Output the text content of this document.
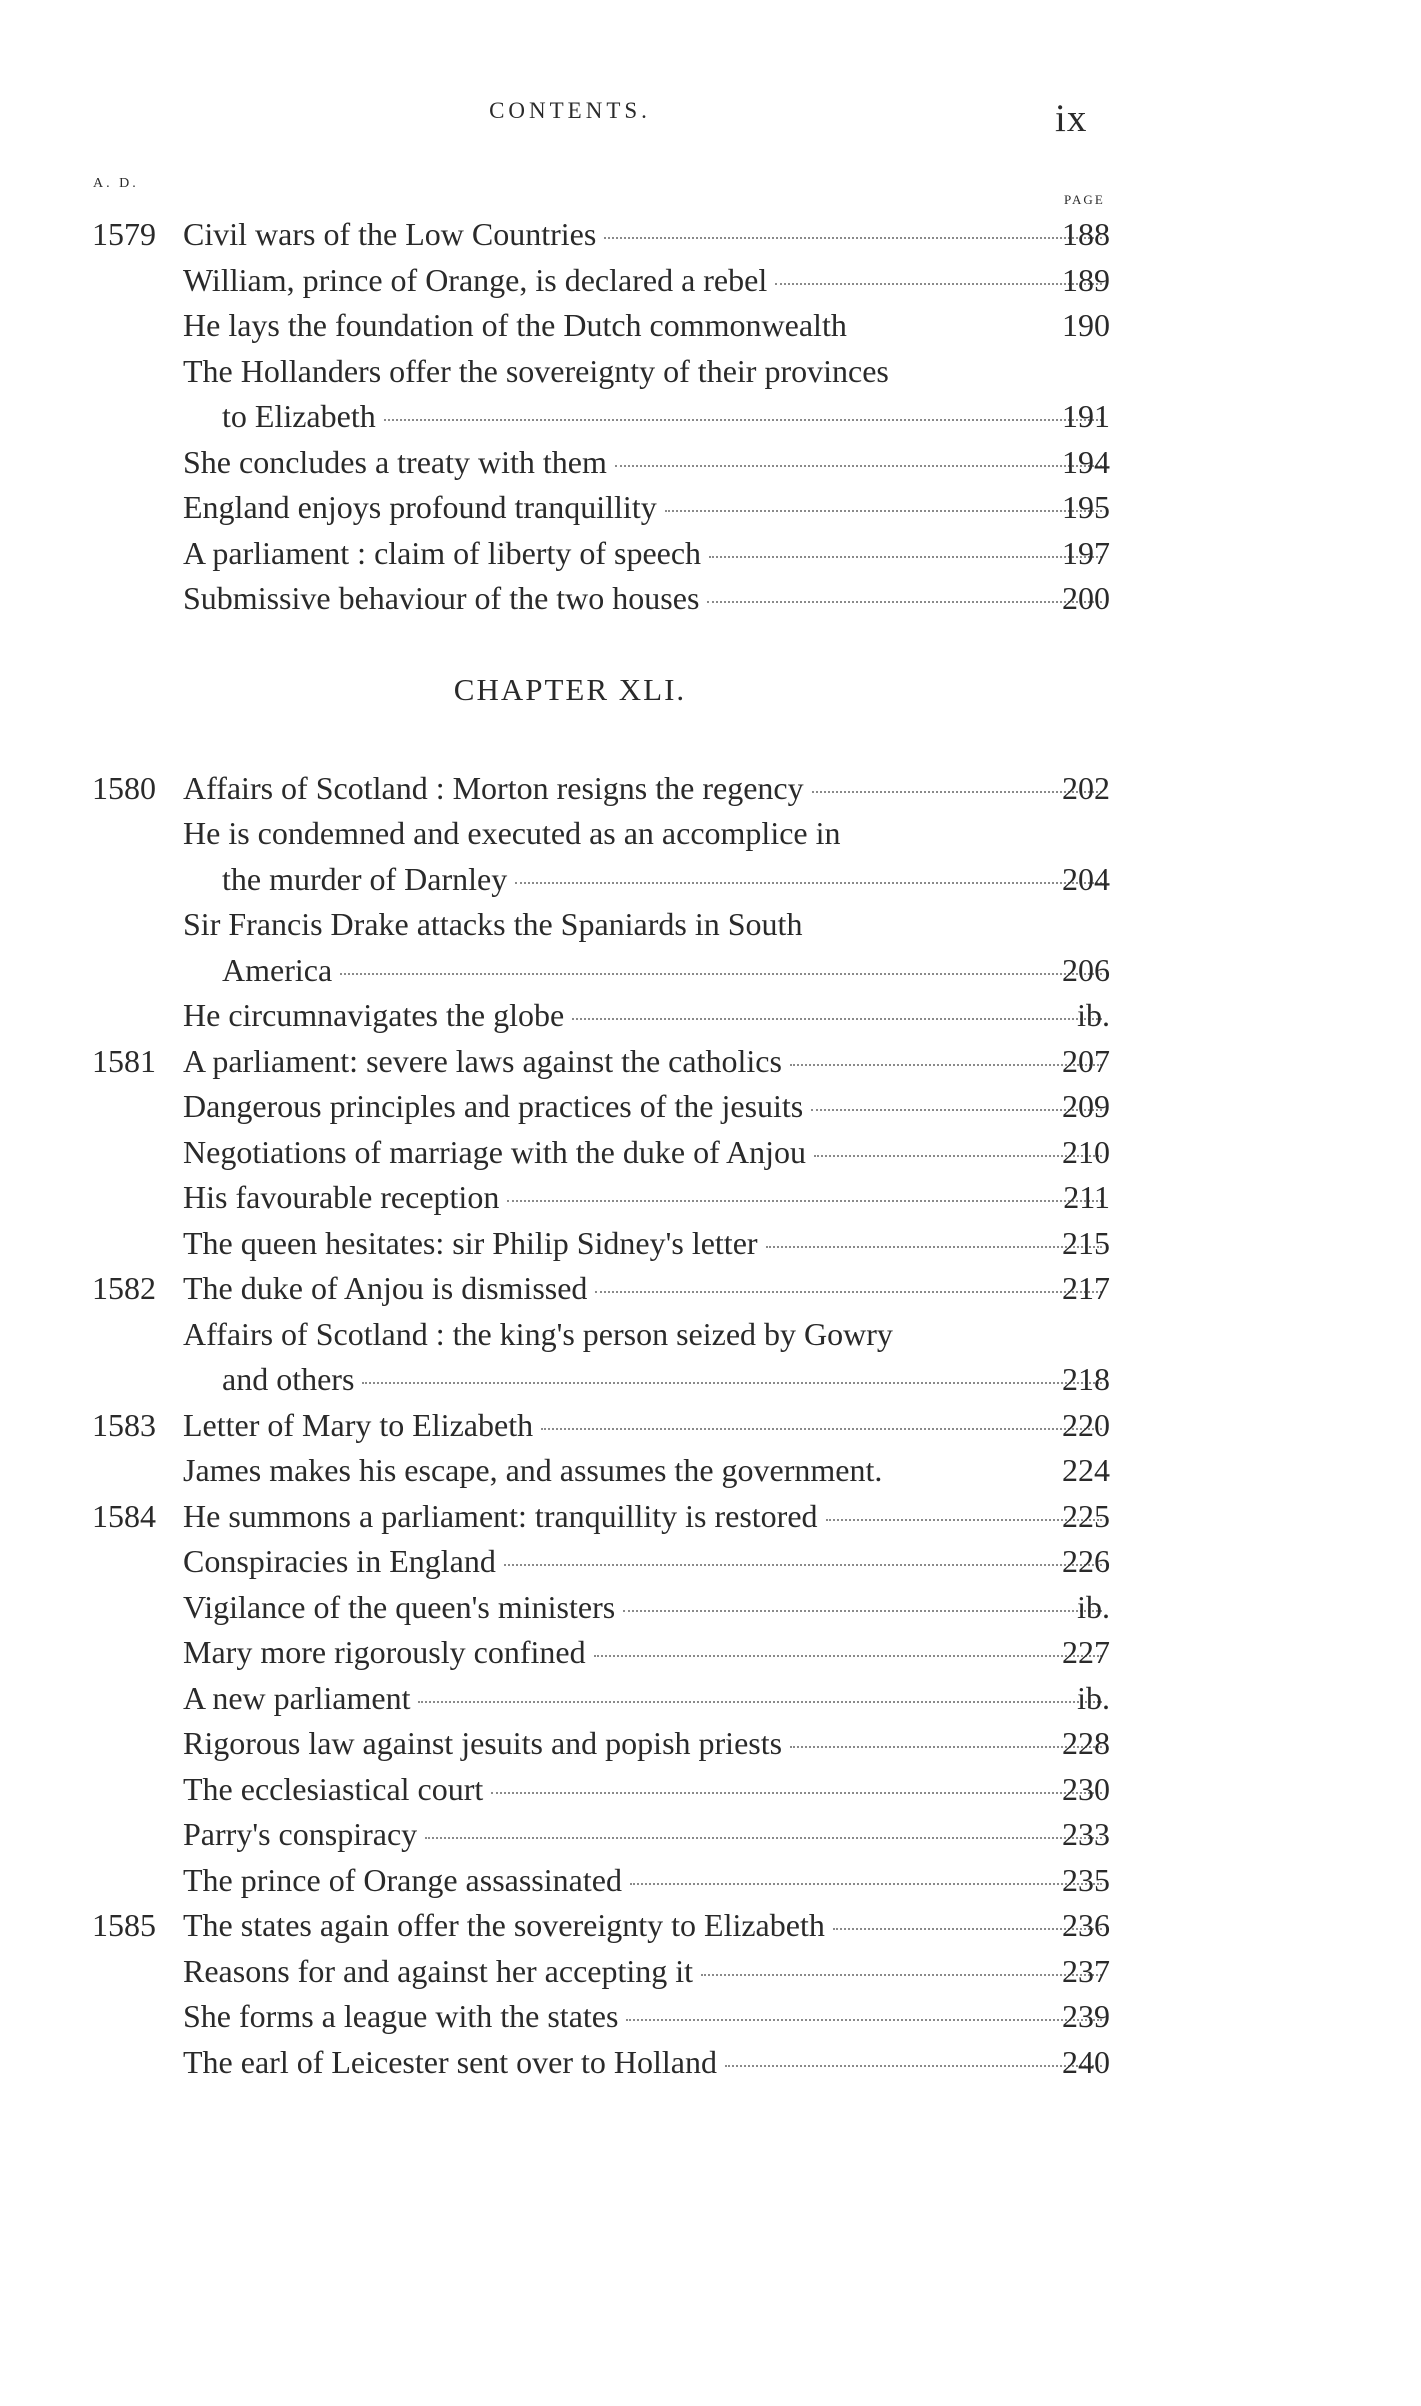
CONTENTS.	ix
A. D.
PAGE
CHAPTER XLI.
1579 Civil wars of the Low Countries	188
William, prince of Orange, is declared a rebel	189
He lays the foundation of the Dutch commonwealth	190
The Hollanders offer the sovereignty of their provinces
to Elizabeth	191
She concludes a treaty with them	194
England enjoys profound tranquillity	195
A parliament : claim of liberty of speech	197
Submissive behaviour of the two houses	200
1580 Affairs of Scotland : Morton resigns the regency	202
He is condemned and executed as an accomplice in
the murder of Darnley	204
Sir Francis Drake attacks the Spaniards in South
America	206
He circumnavigates the globe	ib.
1581 A parliament: severe laws against the catholics	207
Dangerous principles and practices of the jesuits	209
Negotiations of marriage with the duke of Anjou	210
His favourable reception	211
The queen hesitates: sir Philip Sidney's letter	215
1582 The duke of Anjou is dismissed	217
Affairs of Scotland : the king's person seized by Gowry
and others	218
1583 Letter of Mary to Elizabeth	220
James makes his escape, and assumes the government.	224
1584 He summons a parliament: tranquillity is restored	225
Conspiracies in England	226
Vigilance of the queen's ministers	ib.
Mary more rigorously confined	227
A new parliament	ib.
Rigorous law against jesuits and popish priests	228
The ecclesiastical court	230
Parry's conspiracy	233
The prince of Orange assassinated	235
1585 The states again offer the sovereignty to Elizabeth	236
Reasons for and against her accepting it	237
She forms a league with the states	239
The earl of Leicester sent over to Holland	240
